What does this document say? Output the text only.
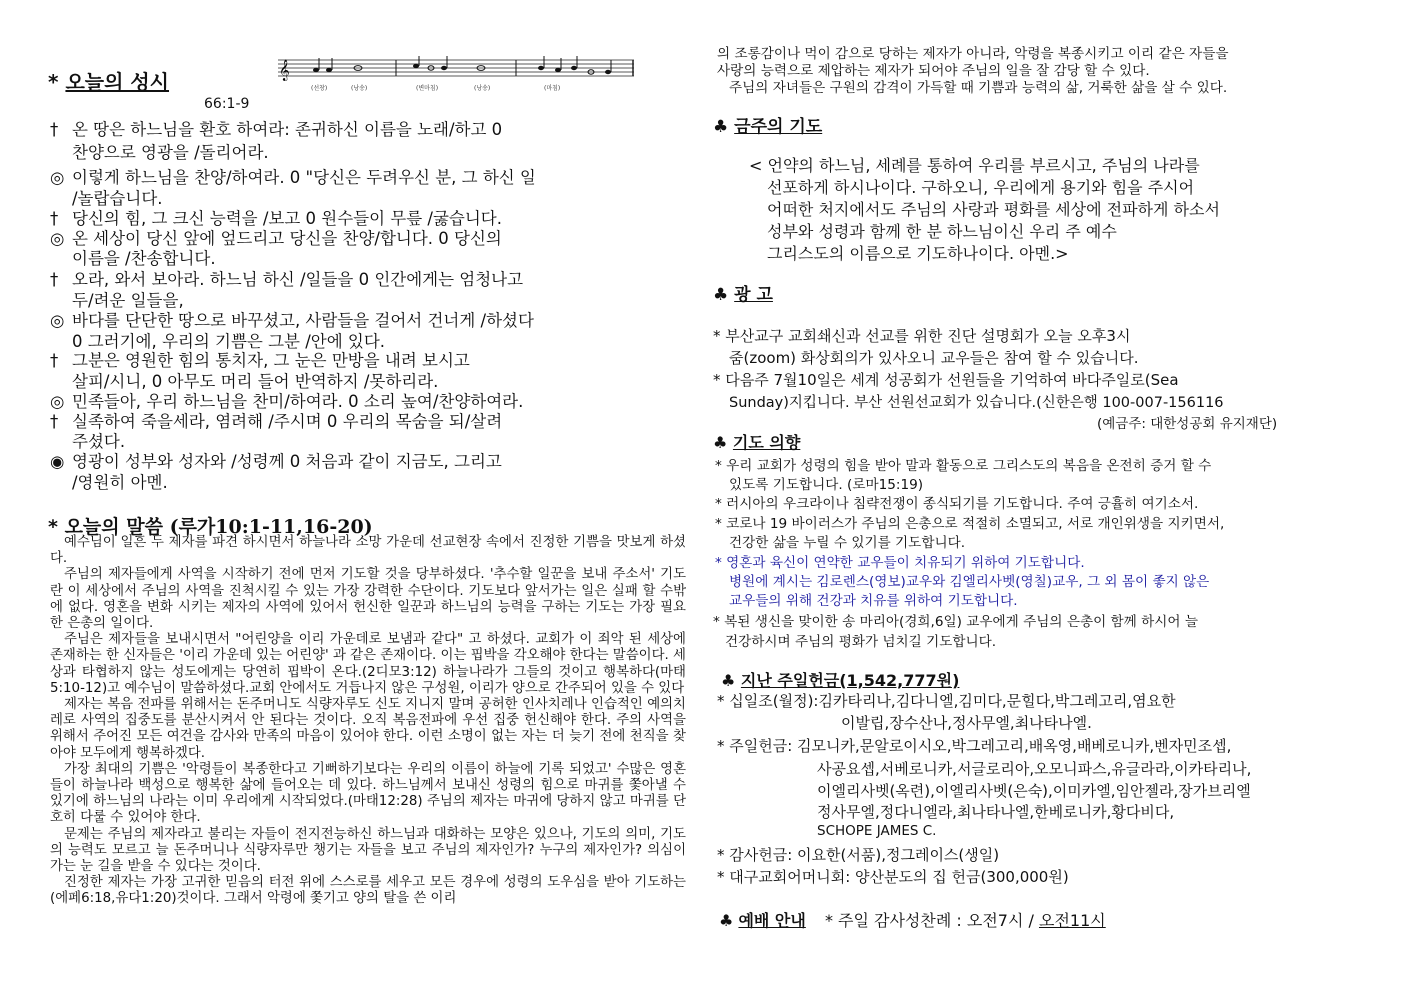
* 오늘의 성시
66:1-9
𝄞
(선창)	(낭송)	(변마침)	(낭송)	(마침)
† 온 땅은 하느님을 환호 하여라: 존귀하신 이름을 노래/하고 0
찬양으로 영광을 /돌리어라.
◎ 이렇게 하느님을 찬양/하여라. 0 "당신은 두려우신 분, 그 하신 일
/놀랍습니다.
† 당신의 힘, 그 크신 능력을 /보고 0 원수들이 무릎 /굻습니다.
◎ 온 세상이 당신 앞에 엎드리고 당신을 찬양/합니다. 0 당신의
이름을 /찬송합니다.
† 오라, 와서 보아라. 하느님 하신 /일들을 0 인간에게는 엄청나고
두/려운 일들을,
◎ 바다를 단단한 땅으로 바꾸셨고, 사람들을 걸어서 건너게 /하셨다
0 그러기에, 우리의 기쁨은 그분 /안에 있다.
† 그분은 영원한 힘의 통치자, 그 눈은 만방을 내려 보시고
살피/시니, 0 아무도 머리 들어 반역하지 /못하리라.
◎ 민족들아, 우리 하느님을 찬미/하여라. 0 소리 높여/찬양하여라.
† 실족하여 죽을세라, 염려해 /주시며 0 우리의 목숨을 되/살려
주셨다.
◉ 영광이 성부와 성자와 /성령께 0 처음과 같이 지금도, 그리고
/영원히 아멘.
* 오늘의 말씀 (루가10:1-11,16-20)

예수님이 일흔 두 제자를 파견 하시면서 하늘나라 소망 가운데 선교현장 속에서 진정한 기쁨을 맛보게 하셨다.

주님의 제자들에게 사역을 시작하기 전에 먼저 기도할 것을 당부하셨다. '추수할 일꾼을 보내 주소서' 기도란 이 세상에서 주님의 사역을 진척시킬 수 있는 가장 강력한 수단이다. 기도보다 앞서가는 일은 실패 할 수밖에 없다. 영혼을 변화 시키는 제자의 사역에 있어서 헌신한 일꾼과 하느님의 능력을 구하는 기도는 가장 필요한 은총의 일이다.

주님은 제자들을 보내시면서 "어린양을 이리 가운데로 보냄과 같다" 고 하셨다. 교회가 이 죄악 된 세상에 존재하는 한 신자들은 '이리 가운데 있는 어린양' 과 같은 존재이다. 이는 핍박을 각오해야 한다는 말씀이다. 세상과 타협하지 않는 성도에게는 당연히 핍박이 온다.(2디모3:12) 하늘나라가 그들의 것이고 행복하다(마태5:10-12)고 예수님이 말씀하셨다.교회 안에서도 거듭나지 않은 구성원, 이리가 양으로 간주되어 있을 수 있다

제자는 복음 전파를 위해서는 돈주머니도 식량자루도 신도 지니지 말며 공허한 인사치레나 인습적인 예의치레로 사역의 집중도를 분산시켜서 안 된다는 것이다. 오직 복음전파에 우선 집중 헌신해야 한다. 주의 사역을 위해서 주어진 모든 여건을 감사와 만족의 마음이 있어야 한다. 이런 소명이 없는 자는 더 늦기 전에 천직을 찾아야 모두에게 행복하겠다.

가장 최대의 기쁨은 '악령들이 복종한다고 기뻐하기보다는 우리의 이름이 하늘에 기록 되었고' 수많은 영혼들이 하늘나라 백성으로 행복한 삶에 들어오는 데 있다. 하느님께서 보내신 성령의 힘으로 마귀를 쫓아낼 수 있기에 하느님의 나라는 이미 우리에게 시작되었다.(마태12:28) 주님의 제자는 마귀에 당하지 않고 마귀를 단호히 다룰 수 있어야 한다.

문제는 주님의 제자라고 불리는 자들이 전지전능하신 하느님과 대화하는 모양은 있으나, 기도의 의미, 기도의 능력도 모르고 늘 돈주머니나 식량자루만 챙기는 자들을 보고 주님의 제자인가? 누구의 제자인가? 의심이 가는 눈 길을 받을 수 있다는 것이다.

진정한 제자는 가장 고귀한 믿음의 터전 위에 스스로를 세우고 모든 경우에 성령의 도우심을 받아 기도하는(에페6:18,유다1:20)것이다. 그래서 악령에 쫓기고 양의 탈을 쓴 이리

의 조롱감이나 먹이 감으로 당하는 제자가 아니라, 악령을 복종시키고 이리 같은 자들을
사랑의 능력으로 제압하는 제자가 되어야 주님의 일을 잘 감당 할 수 있다.
주님의 자녀들은 구원의 감격이 가득할 때 기쁨과 능력의 삶, 거룩한 삶을 살 수 있다.
♣ 금주의 기도
< 언약의 하느님, 세례를 통하여 우리를 부르시고, 주님의 나라를
선포하게 하시나이다. 구하오니, 우리에게 용기와 힘을 주시어
어떠한 처지에서도 주님의 사랑과 평화를 세상에 전파하게 하소서
성부와 성령과 함께 한 분 하느님이신 우리 주 예수
그리스도의 이름으로 기도하나이다. 아멘.>
♣ 광 고
* 부산교구 교회쇄신과 선교를 위한 진단 설명회가 오늘 오후3시
줌(zoom) 화상회의가 있사오니 교우들은 참여 할 수 있습니다.
* 다음주 7월10일은 세계 성공회가 선원들을 기억하여 바다주일로(Sea
Sunday)지킵니다. 부산 선원선교회가 있습니다.(신한은행 100-007-156116
(예금주: 대한성공회 유지재단)
♣ 기도 의향
* 우리 교회가 성령의 힘을 받아 말과 활동으로 그리스도의 복음을 온전히 증거 할 수
있도록 기도합니다. (로마15:19)
* 러시아의 우크라이나 침략전쟁이 종식되기를 기도합니다. 주여 긍휼히 여기소서.
* 코로나 19 바이러스가 주님의 은총으로 적절히 소멸되고, 서로 개인위생을 지키면서,
건강한 삶을 누릴 수 있기를 기도합니다.
* 영혼과 육신이 연약한 교우들이 치유되기 위하여 기도합니다.
병원에 계시는 김로렌스(영보)교우와 김엘리사벳(영칠)교우, 그 외 몸이 좋지 않은
교우들의 위해 건강과 치유를 위하여 기도합니다.
* 복된 생신을 맞이한 송 마리아(경희,6일) 교우에게 주님의 은총이 함께 하시어 늘
건강하시며 주님의 평화가 넘치길 기도합니다.
♣ 지난 주일헌금(1,542,777원)
* 십일조(월정):김카타리나,김다니엘,김미다,문힐다,박그레고리,염요한
이발립,장수산나,정사무엘,최나타나엘.
* 주일헌금: 김모니카,문알로이시오,박그레고리,배옥영,배베로니카,벤자민조셉,
사공요셉,서베로니카,서글로리아,오모니파스,유글라라,이카타리나,
이엘리사벳(옥련),이엘리사벳(은숙),이미카엘,임안젤라,장가브리엘
정사무엘,정다니엘라,최나타나엘,한베로니카,황다비다,
SCHOPE JAMES C.
* 감사헌금: 이요한(서품),정그레이스(생일)
* 대구교회어머니회: 양산분도의 집 헌금(300,000원)
♣ 예배 안내 * 주일 감사성찬례 : 오전7시 / 오전11시
